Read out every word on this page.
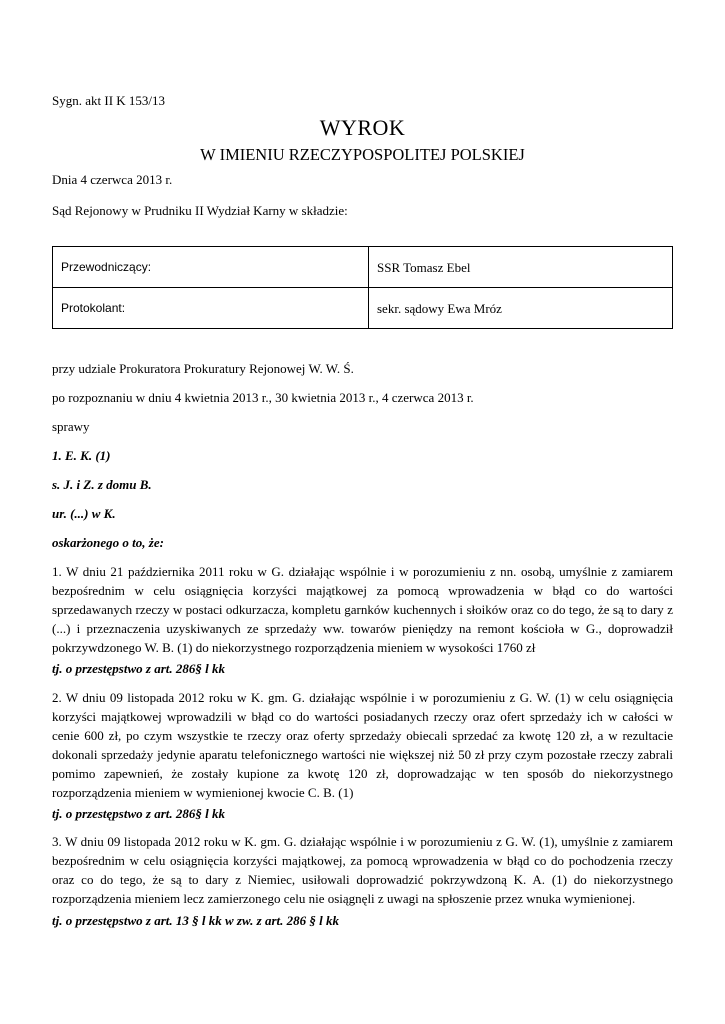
Sygn. akt II K 153/13
WYROK
W IMIENIU RZECZYPOSPOLITEJ POLSKIEJ
Dnia 4 czerwca 2013 r.
Sąd Rejonowy w Prudniku II Wydział Karny w składzie:
Przewodniczący:	SSR Tomasz Ebel
Protokolant:	sekr. sądowy Ewa Mróz
przy udziale Prokuratora Prokuratury Rejonowej W. W. Ś.
po rozpoznaniu w dniu 4 kwietnia 2013 r., 30 kwietnia 2013 r., 4 czerwca 2013 r.
sprawy
1. E. K. (1)
s. J. i Z. z domu B.
ur. (...) w K.
oskarżonego o to, że:
1. W dniu 21 października 2011 roku w G. działając wspólnie i w porozumieniu z nn. osobą, umyślnie z zamiarem bezpośrednim w celu osiągnięcia korzyści majątkowej za pomocą wprowadzenia w błąd co do wartości sprzedawanych rzeczy w postaci odkurzacza, kompletu garnków kuchennych i słoików oraz co do tego, że są to dary z (...) i przeznaczenia uzyskiwanych ze sprzedaży ww. towarów pieniędzy na remont kościoła w G., doprowadził pokrzywdzonego W. B. (1) do niekorzystnego rozporządzenia mieniem w wysokości 1760 zł
tj. o przestępstwo z art. 286§ l kk
2. W dniu 09 listopada 2012 roku w K. gm. G. działając wspólnie i w porozumieniu z G. W. (1) w celu osiągnięcia korzyści majątkowej wprowadzili w błąd co do wartości posiadanych rzeczy oraz ofert sprzedaży ich w całości w cenie 600 zł, po czym wszystkie te rzeczy oraz oferty sprzedaży obiecali sprzedać za kwotę 120 zł, a w rezultacie dokonali sprzedaży jedynie aparatu telefonicznego wartości nie większej niż 50 zł przy czym pozostałe rzeczy zabrali pomimo zapewnień, że zostały kupione za kwotę 120 zł, doprowadzając w ten sposób do niekorzystnego rozporządzenia mieniem w wymienionej kwocie C. B. (1)
tj. o przestępstwo z art. 286§ l kk
3. W dniu 09 listopada 2012 roku w K. gm. G. działając wspólnie i w porozumieniu z G. W. (1), umyślnie z zamiarem bezpośrednim w celu osiągnięcia korzyści majątkowej, za pomocą wprowadzenia w błąd co do pochodzenia rzeczy oraz co do tego, że są to dary z Niemiec, usiłowali doprowadzić pokrzywdzoną K. A. (1) do niekorzystnego rozporządzenia mieniem lecz zamierzonego celu nie osiągnęli z uwagi na spłoszenie przez wnuka wymienionej.
tj. o przestępstwo z art. 13 § l kk w zw. z art. 286 § l kk
